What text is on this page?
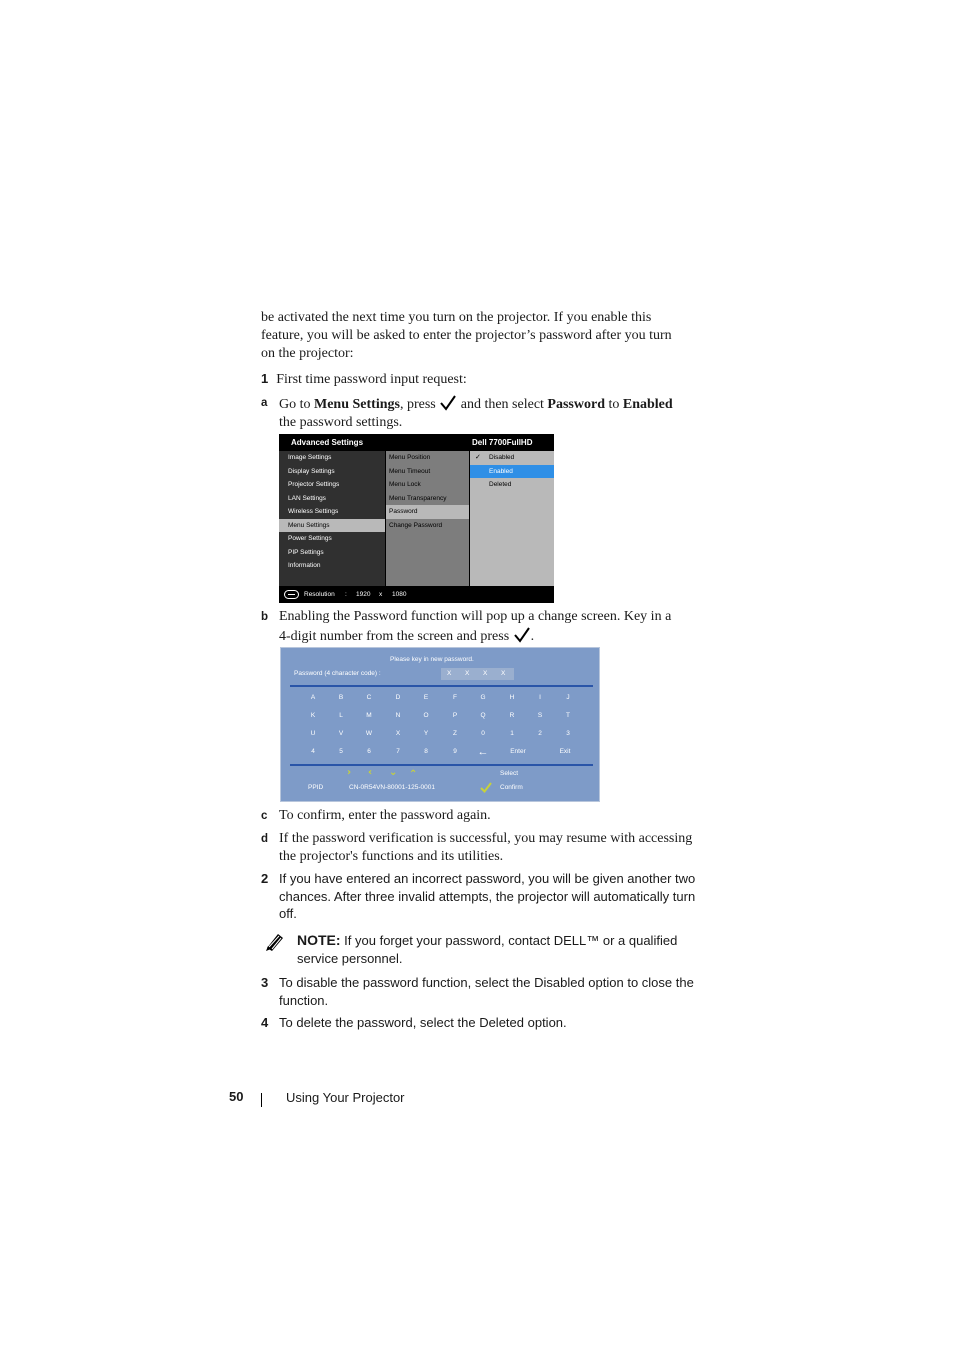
be activated the next time you turn on the projector. If you enable this
feature, you will be asked to enter the projector’s password after you turn
on the projector:
1 First time password input request:
a Go to Menu Settings, press  and then select Password to Enabled
the password settings.
Advanced Settings	Dell 7700FullHD
Image Settings
Display Settings
Projector Settings
LAN Settings
Wireless Settings
Menu Settings
Power Settings
PIP Settings
Information
Menu Position
Menu Timeout
Menu Lock
Menu Transparency
Password
Change Password
✓ Disabled
Enabled
Deleted
Resolution : 1920 x 1080
b Enabling the Password function will pop up a change screen. Key in a
4-digit number from the screen and press .
Please key in new password.
Password (4 character code) :	X X X X
A	B	C	D	E	F	G	H	I	J
K	L	M	N	O	P	Q	R	S	T
U	V	W	X	Y	Z	0	1	2	3
4	5	6	7	8	9	←	Enter	Exit
› ‹ ⌄ ⌃	Select
PPID	CN-0R54VN-80001-125-0001	Confirm
c To confirm, enter the password again.
d If the password verification is successful, you may resume with accessing
the projector's functions and its utilities.
2 If you have entered an incorrect password, you will be given another two
chances. After three invalid attempts, the projector will automatically turn
off.
NOTE: If you forget your password, contact DELL™ or a qualified
service personnel.
3 To disable the password function, select the Disabled option to close the
function.
4 To delete the password, select the Deleted option.
50	Using Your Projector
